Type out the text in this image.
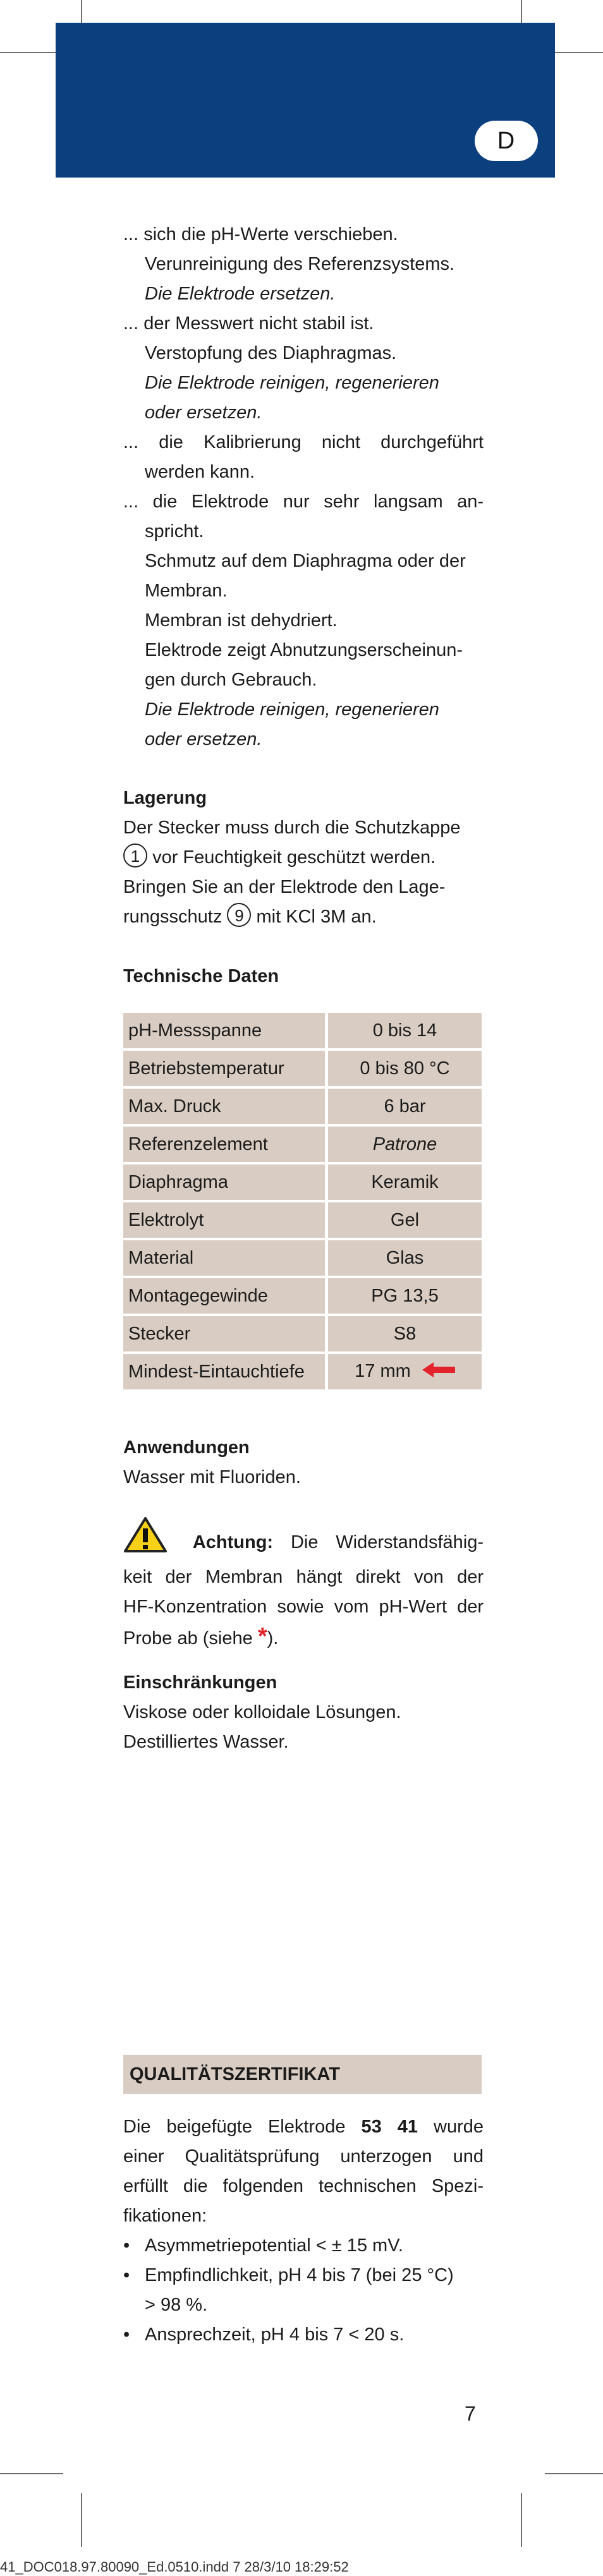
D
... sich die pH-Werte verschieben.
Verunreinigung des Referenzsystems.
Die Elektrode ersetzen.
... der Messwert nicht stabil ist.
Verstopfung des Diaphragmas.
Die Elektrode reinigen, regenerieren
oder ersetzen.
... die Kalibrierung nicht durchgeführt
werden kann.
... die Elektrode nur sehr langsam an-
spricht.
Schmutz auf dem Diaphragma oder der
Membran.
Membran ist dehydriert.
Elektrode zeigt Abnutzungserscheinun-
gen durch Gebrauch.
Die Elektrode reinigen, regenerieren
oder ersetzen.

Lagerung

Der Stecker muss durch die Schutzkappe
1 vor Feuchtigkeit geschützt werden.
Bringen Sie an der Elektrode den Lage-
rungsschutz 9 mit KCl 3M an.

Technische Daten

pH-Messspanne	0 bis 14
Betriebstemperatur	0 bis 80 °C
Max. Druck	6 bar
Referenzelement	Patrone
Diaphragma	Keramik
Elektrolyt	Gel
Material	Glas
Montagegewinde	PG 13,5
Stecker	S8
Mindest-Eintauchtiefe	17 mm

Anwendungen

Wasser mit Fluoriden.
Achtung: Die Widerstandsfähig-
keit der Membran hängt direkt von der
HF-Konzentration sowie vom pH-Wert der
Probe ab (siehe *).

Einschränkungen

Viskose oder kolloidale Lösungen.
Destilliertes Wasser.
QUALITÄTSZERTIFIKAT
Die beigefügte Elektrode 53 41 wurde
einer Qualitätsprüfung unterzogen und
erfüllt die folgenden technischen Spezi-
fikationen:
• Asymmetriepotential < ± 15 mV.
• Empfindlichkeit, pH 4 bis 7 (bei 25 °C)
> 98 %.
• Ansprechzeit, pH 4 bis 7 < 20 s.
7
41_DOC018.97.80090_Ed.0510.indd 7 28/3/10 18:29:52
